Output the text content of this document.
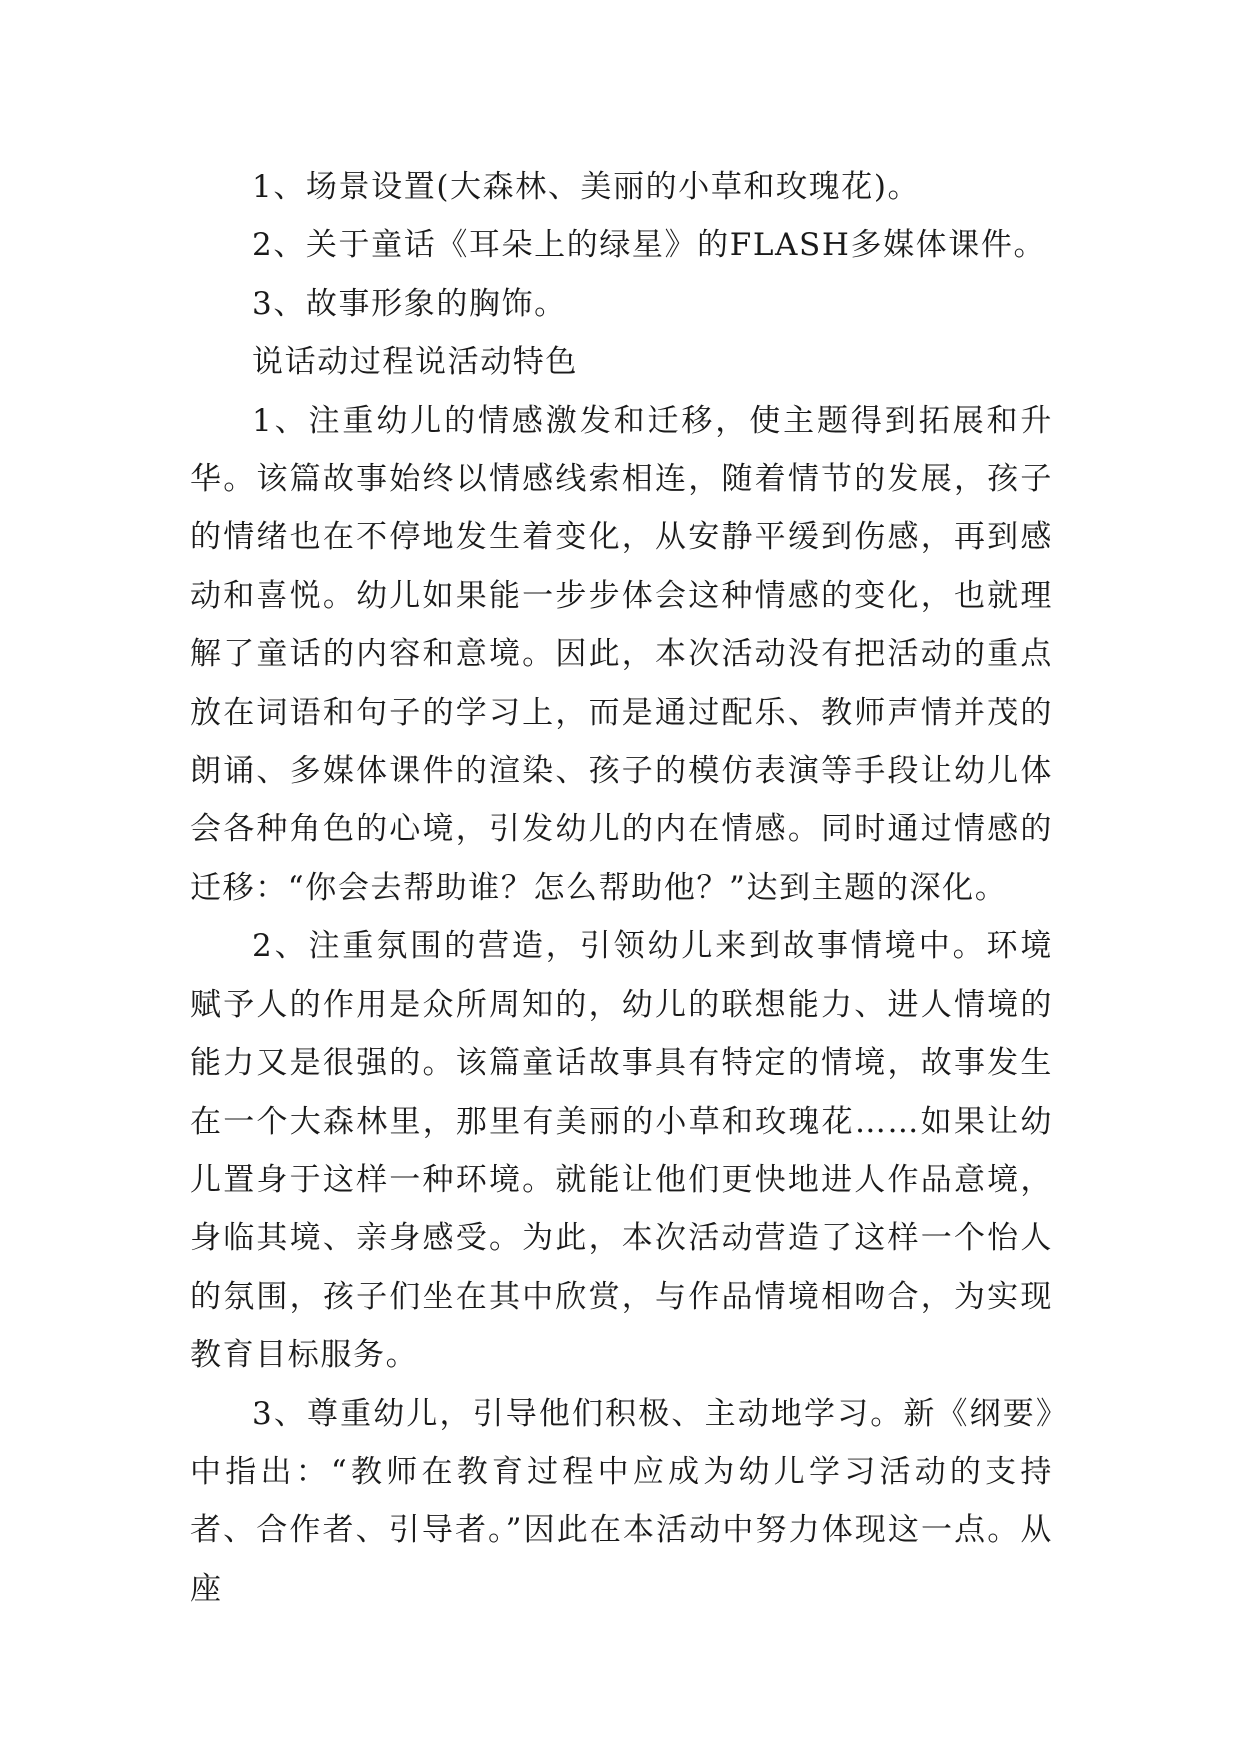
1、场景设置(大森林、美丽的小草和玫瑰花)。

2、关于童话《耳朵上的绿星》的FLASH多媒体课件。

3、故事形象的胸饰。

说话动过程说活动特色

1、注重幼儿的情感激发和迁移，使主题得到拓展和升华。该篇故事始终以情感线索相连，随着情节的发展，孩子的情绪也在不停地发生着变化，从安静平缓到伤感，再到感动和喜悦。幼儿如果能一步步体会这种情感的变化，也就理解了童话的内容和意境。因此，本次活动没有把活动的重点放在词语和句子的学习上，而是通过配乐、教师声情并茂的朗诵、多媒体课件的渲染、孩子的模仿表演等手段让幼儿体会各种角色的心境，引发幼儿的内在情感。同时通过情感的迁移：“你会去帮助谁？怎么帮助他？”达到主题的深化。

2、注重氛围的营造，引领幼儿来到故事情境中。环境赋予人的作用是众所周知的，幼儿的联想能力、进人情境的能力又是很强的。该篇童话故事具有特定的情境，故事发生在一个大森林里，那里有美丽的小草和玫瑰花……如果让幼儿置身于这样一种环境。就能让他们更快地进人作品意境，身临其境、亲身感受。为此，本次活动营造了这样一个怡人的氛围，孩子们坐在其中欣赏，与作品情境相吻合，为实现教育目标服务。

3、尊重幼儿，引导他们积极、主动地学习。新《纲要》中指出：“教师在教育过程中应成为幼儿学习活动的支持者、合作者、引导者。”因此在本活动中努力体现这一点。从座
